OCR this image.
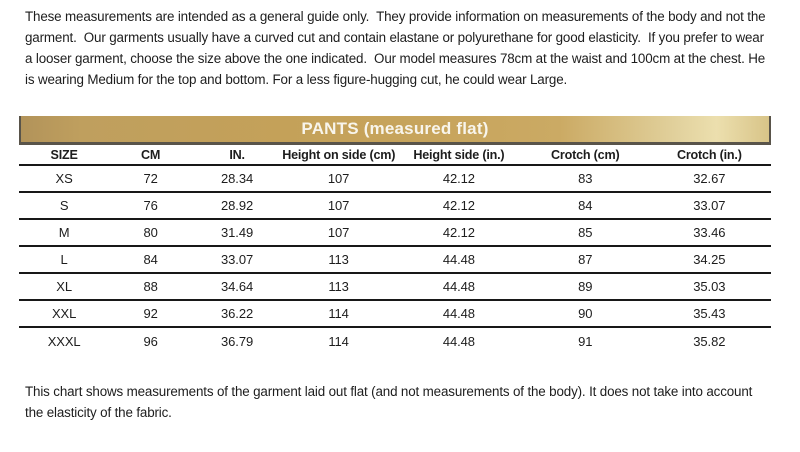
These measurements are intended as a general guide only.  They provide information on measurements of the body and not the garment.  Our garments usually have a curved cut and contain elastane or polyurethane for good elasticity.  If you prefer to wear a looser garment, choose the size above the one indicated.  Our model measures 78cm at the waist and 100cm at the chest. He is wearing Medium for the top and bottom. For a less figure-hugging cut, he could wear Large.

PANTS (measured flat)
SIZE	CM	IN.	Height on side (cm)	Height side (in.)	Crotch (cm)	Crotch (in.)
XS	72	28.34	107	42.12	83	32.67
S	76	28.92	107	42.12	84	33.07
M	80	31.49	107	42.12	85	33.46
L	84	33.07	113	44.48	87	34.25
XL	88	34.64	113	44.48	89	35.03
XXL	92	36.22	114	44.48	90	35.43
XXXL	96	36.79	114	44.48	91	35.82

This chart shows measurements of the garment laid out flat (and not measurements of the body). It does not take into account the elasticity of the fabric.
